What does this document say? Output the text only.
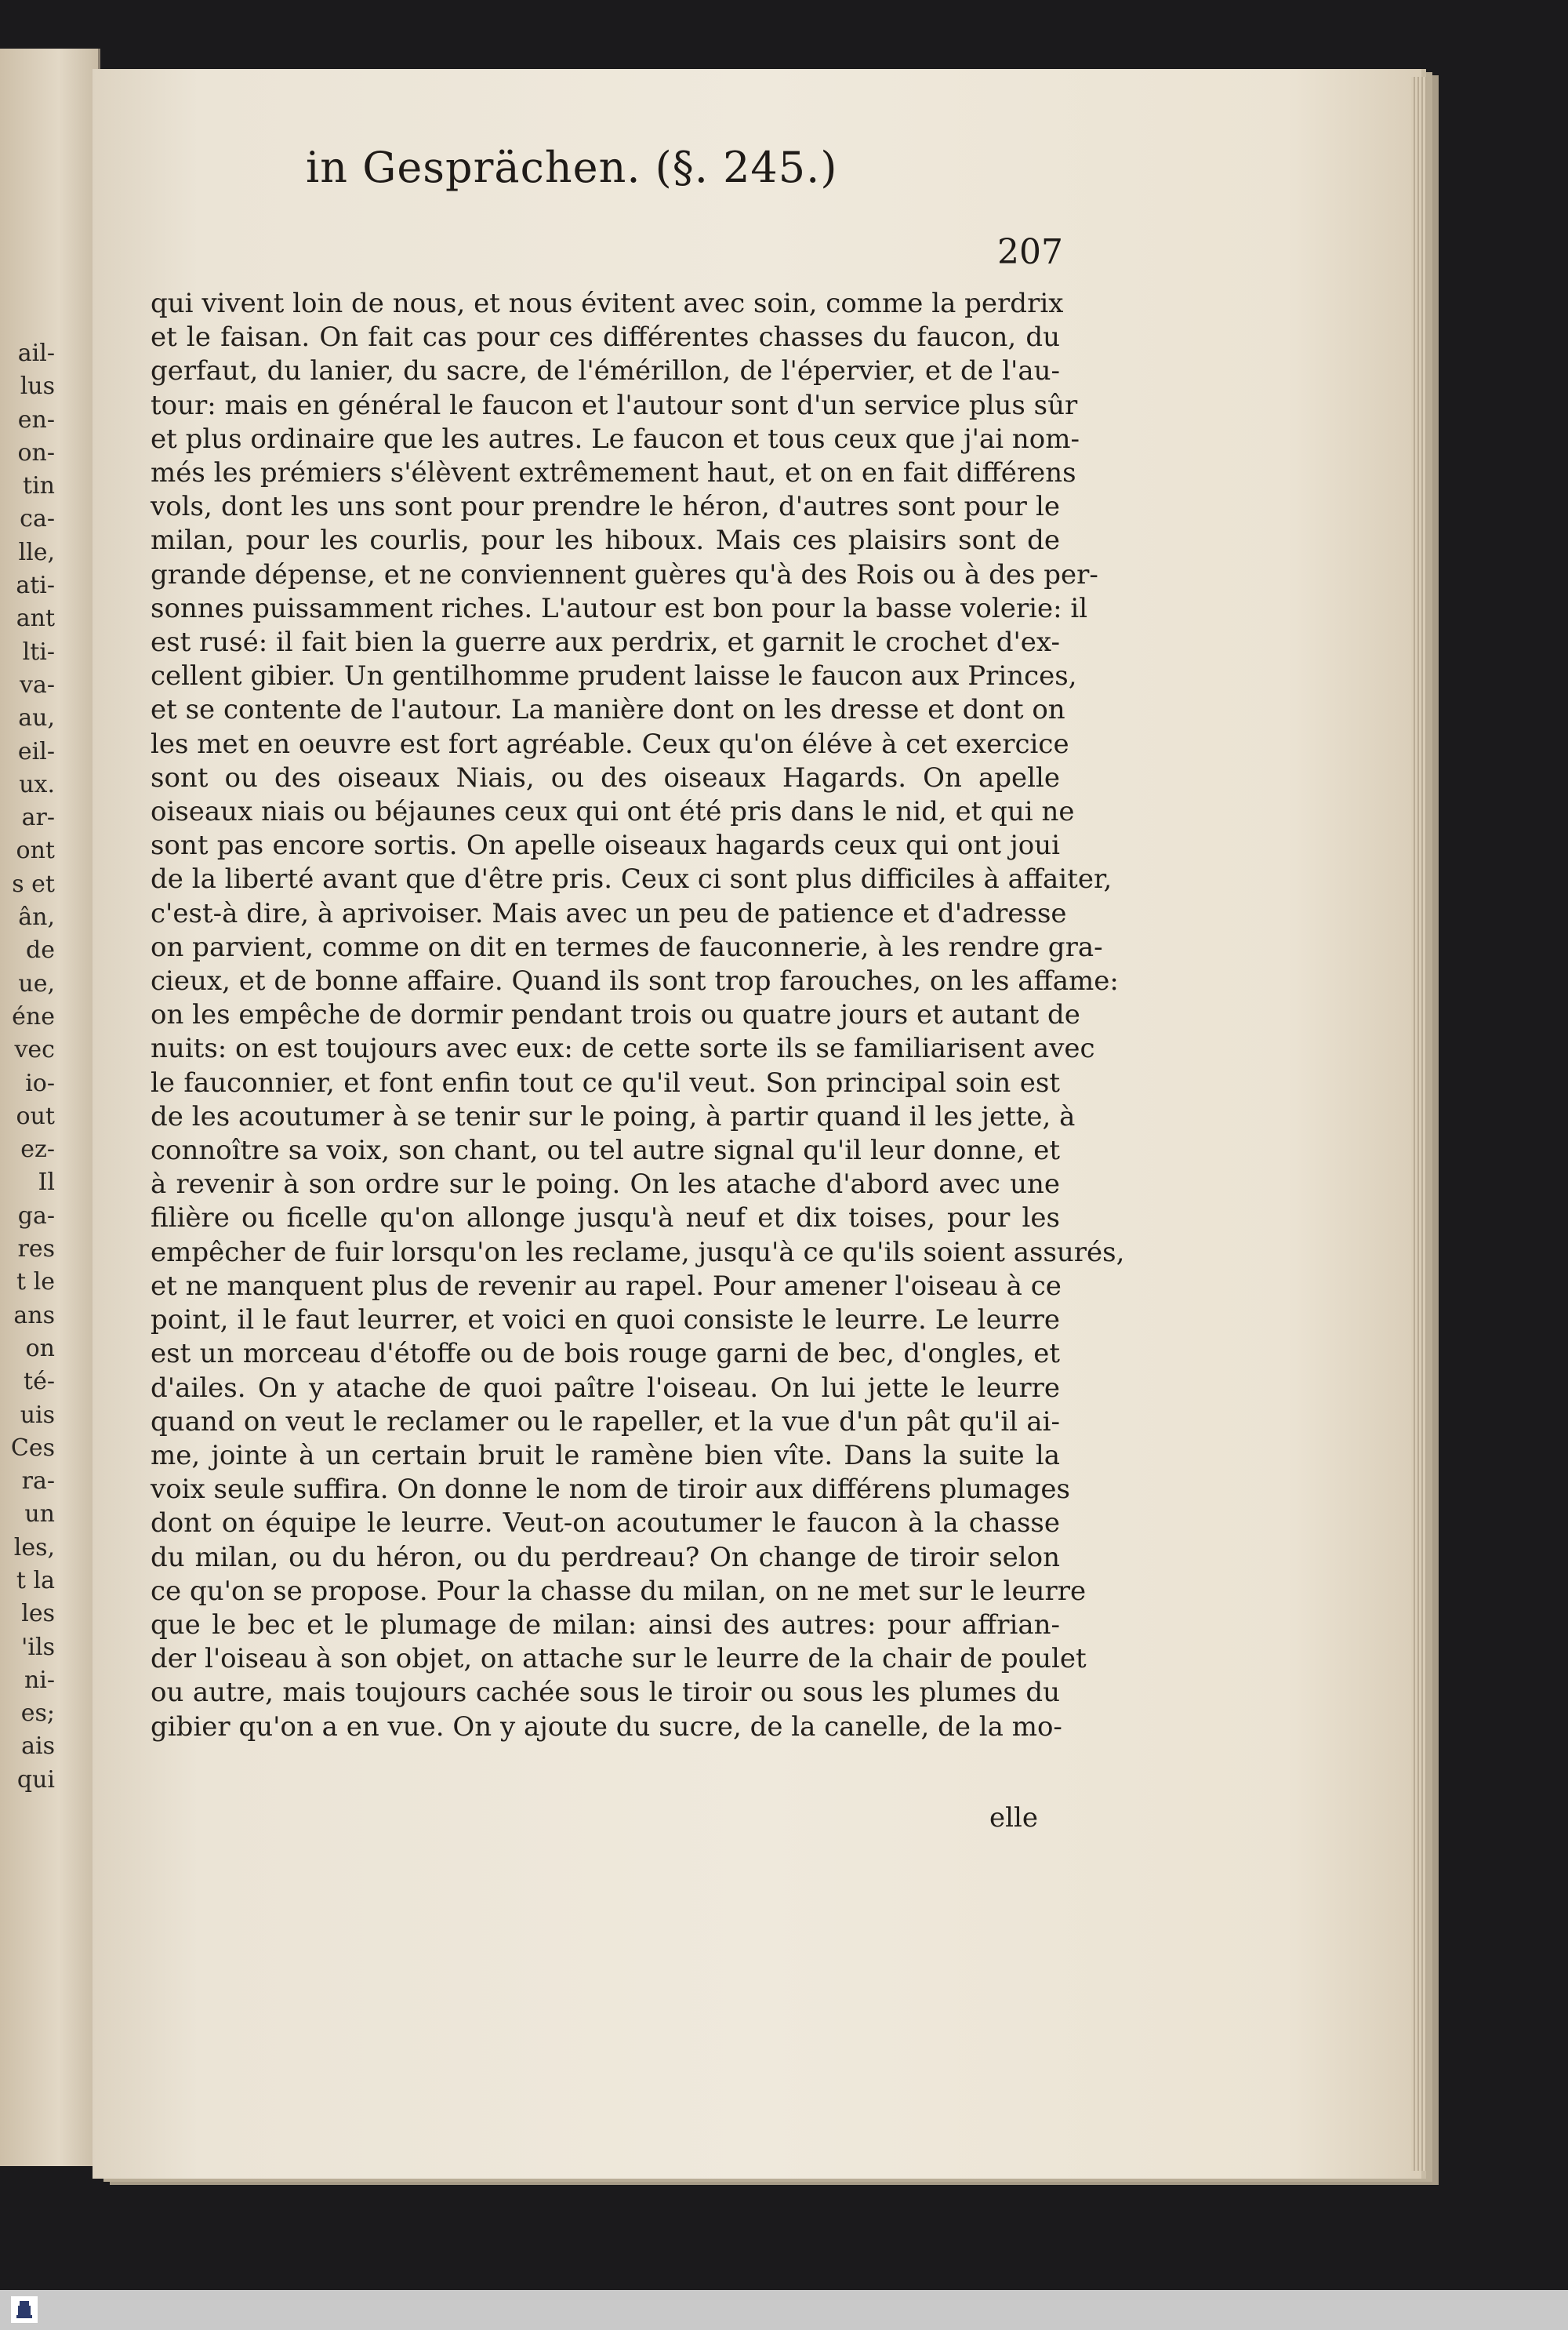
ail-
lus
en-
on-
tin
ca-
lle,
ati-
ant
lti-
va-
au,
eil-
ux.
ar-
ont
s et
ân,
de
ue,
éne
vec
io-
out
ez-
Il
ga-
res
t le
ans
on
té-
uis
Ces
ra-
un
les,
t la
les
'ils
ni-
es;
ais
qui
in Gesprächen. (§. 245.)
207
qui vivent loin de nous, et nous évitent avec soin, comme la perdrix
et le faisan. On fait cas pour ces différentes chasses du faucon, du
gerfaut, du lanier, du sacre, de l'émérillon, de l'épervier, et de l'au-
tour: mais en général le faucon et l'autour sont d'un service plus sûr
et plus ordinaire que les autres. Le faucon et tous ceux que j'ai nom-
més les prémiers s'élèvent extrêmement haut, et on en fait différens
vols, dont les uns sont pour prendre le héron, d'autres sont pour le
milan, pour les courlis, pour les hiboux. Mais ces plaisirs sont de
grande dépense, et ne conviennent guères qu'à des Rois ou à des per-
sonnes puissamment riches. L'autour est bon pour la basse volerie: il
est rusé: il fait bien la guerre aux perdrix, et garnit le crochet d'ex-
cellent gibier. Un gentilhomme prudent laisse le faucon aux Princes,
et se contente de l'autour. La manière dont on les dresse et dont on
les met en oeuvre est fort agréable. Ceux qu'on éléve à cet exercice
sont ou des oiseaux Niais, ou des oiseaux Hagards. On apelle
oiseaux niais ou béjaunes ceux qui ont été pris dans le nid, et qui ne
sont pas encore sortis. On apelle oiseaux hagards ceux qui ont joui
de la liberté avant que d'être pris. Ceux ci sont plus difficiles à affaiter,
c'est-à dire, à aprivoiser. Mais avec un peu de patience et d'adresse
on parvient, comme on dit en termes de fauconnerie, à les rendre gra-
cieux, et de bonne affaire. Quand ils sont trop farouches, on les affame:
on les empêche de dormir pendant trois ou quatre jours et autant de
nuits: on est toujours avec eux: de cette sorte ils se familiarisent avec
le fauconnier, et font enfin tout ce qu'il veut. Son principal soin est
de les acoutumer à se tenir sur le poing, à partir quand il les jette, à
connoître sa voix, son chant, ou tel autre signal qu'il leur donne, et
à revenir à son ordre sur le poing. On les atache d'abord avec une
filière ou ficelle qu'on allonge jusqu'à neuf et dix toises, pour les
empêcher de fuir lorsqu'on les reclame, jusqu'à ce qu'ils soient assurés,
et ne manquent plus de revenir au rapel. Pour amener l'oiseau à ce
point, il le faut leurrer, et voici en quoi consiste le leurre. Le leurre
est un morceau d'étoffe ou de bois rouge garni de bec, d'ongles, et
d'ailes. On y atache de quoi paître l'oiseau. On lui jette le leurre
quand on veut le reclamer ou le rapeller, et la vue d'un pât qu'il ai-
me, jointe à un certain bruit le ramène bien vîte. Dans la suite la
voix seule suffira. On donne le nom de tiroir aux différens plumages
dont on équipe le leurre. Veut-on acoutumer le faucon à la chasse
du milan, ou du héron, ou du perdreau? On change de tiroir selon
ce qu'on se propose. Pour la chasse du milan, on ne met sur le leurre
que le bec et le plumage de milan: ainsi des autres: pour affrian-
der l'oiseau à son objet, on attache sur le leurre de la chair de poulet
ou autre, mais toujours cachée sous le tiroir ou sous les plumes du
gibier qu'on a en vue. On y ajoute du sucre, de la canelle, de la mo-
elle
